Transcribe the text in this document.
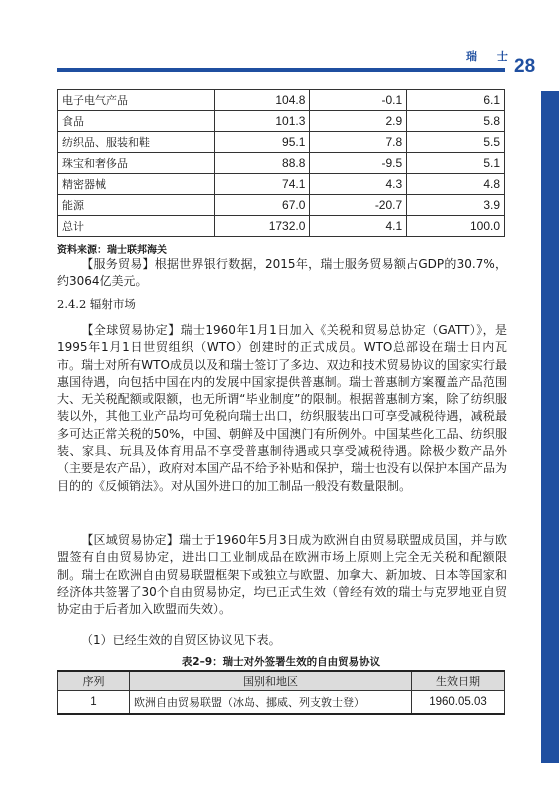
瑞 士
28
电子电气产品	104.8	-0.1	6.1
食品	101.3	2.9	5.8
纺织品、服装和鞋	95.1	7.8	5.5
珠宝和奢侈品	88.8	-9.5	5.1
精密器械	74.1	4.3	4.8
能源	67.0	-20.7	3.9
总计	1732.0	4.1	100.0
资料来源：瑞士联邦海关
【服务贸易】根据世界银行数据，2015年，瑞士服务贸易额占GDP的30.7%，约3064亿美元。
2.4.2 辐射市场
【全球贸易协定】瑞士1960年1月1日加入《关税和贸易总协定（GATT）》，是1995年1月1日世贸组织（WTO）创建时的正式成员。WTO总部设在瑞士日内瓦市。瑞士对所有WTO成员以及和瑞士签订了多边、双边和技术贸易协议的国家实行最惠国待遇，向包括中国在内的发展中国家提供普惠制。瑞士普惠制方案覆盖产品范围大、无关税配额或限额，也无所谓“毕业制度”的限制。根据普惠制方案，除了纺织服装以外，其他工业产品均可免税向瑞士出口，纺织服装出口可享受减税待遇，减税最多可达正常关税的50%，中国、朝鲜及中国澳门有所例外。中国某些化工品、纺织服装、家具、玩具及体育用品不享受普惠制待遇或只享受减税待遇。除极少数产品外（主要是农产品），政府对本国产品不给予补贴和保护，瑞士也没有以保护本国产品为目的的《反倾销法》。对从国外进口的加工制品一般没有数量限制。
【区域贸易协定】瑞士于1960年5月3日成为欧洲自由贸易联盟成员国，并与欧盟签有自由贸易协定，进出口工业制成品在欧洲市场上原则上完全无关税和配额限制。瑞士在欧洲自由贸易联盟框架下或独立与欧盟、加拿大、新加坡、日本等国家和经济体共签署了30个自由贸易协定，均已正式生效（曾经有效的瑞士与克罗地亚自贸协定由于后者加入欧盟而失效）。
（1）已经生效的自贸区协议见下表。
表2–9：瑞士对外签署生效的自由贸易协议
序列	国别和地区	生效日期
1	欧洲自由贸易联盟（冰岛、挪威、列支敦士登）	1960.05.03
